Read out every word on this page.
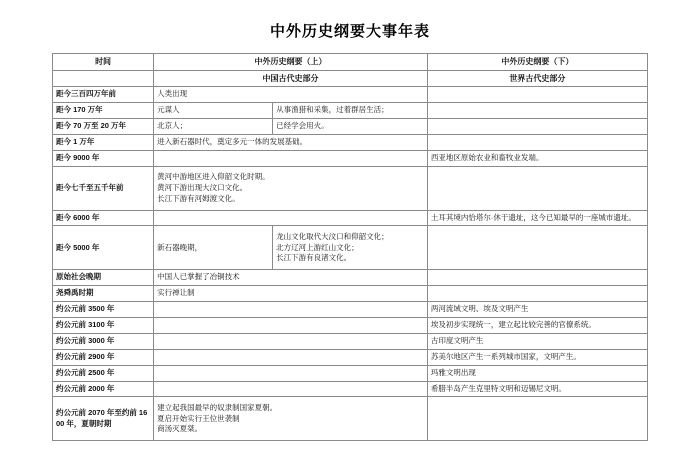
中外历史纲要大事年表
时间	中外历史纲要（上）		中外历史纲要（下）
	中国古代史部分		世界古代史部分
距今三百四万年前	人类出现		

距今 170 万年	元谋人	从事渔猎和采集，过着群居生活；	

距今 70 万至 20 万年	北京人；	已经学会用火。	

距今 1 万年	进入新石器时代，奠定多元一体的发展基础。		

距今 9000 年			西亚地区原始农业和畜牧业发端。

距今七千至五千年前	黄河中游地区进入仰韶文化时期。
黄河下游出现大汶口文化。
长江下游有河姆渡文化。		

距今 6000 年			土耳其境内恰塔尔·休于遗址，这今已知最早的一座城市遗址。

距今 5000 年	新石器晚期，	龙山文化取代大汶口和仰韶文化；
北方辽河上游红山文化；
长江下游有良渚文化。	

原始社会晚期	中国人已掌握了冶铜技术		

尧舜禹时期	实行禅让制		

约公元前 3500 年			两河流域文明、埃及文明产生

约公元前 3100 年			埃及初步实现统一，建立起比较完善的官僚系统。

约公元前 3000 年			古印度文明产生

约公元前 2900 年			苏美尔地区产生一系列城市国家，文明产生。

约公元前 2500 年			玛雅文明出现

约公元前 2000 年			希腊半岛产生克里特文明和迈锡尼文明。

约公元前 2070 年至约前 1600 年，夏朝时期	建立起我国最早的奴隶制国家夏朝。
夏启开始实行王位世袭制
商汤灭夏桀。		
